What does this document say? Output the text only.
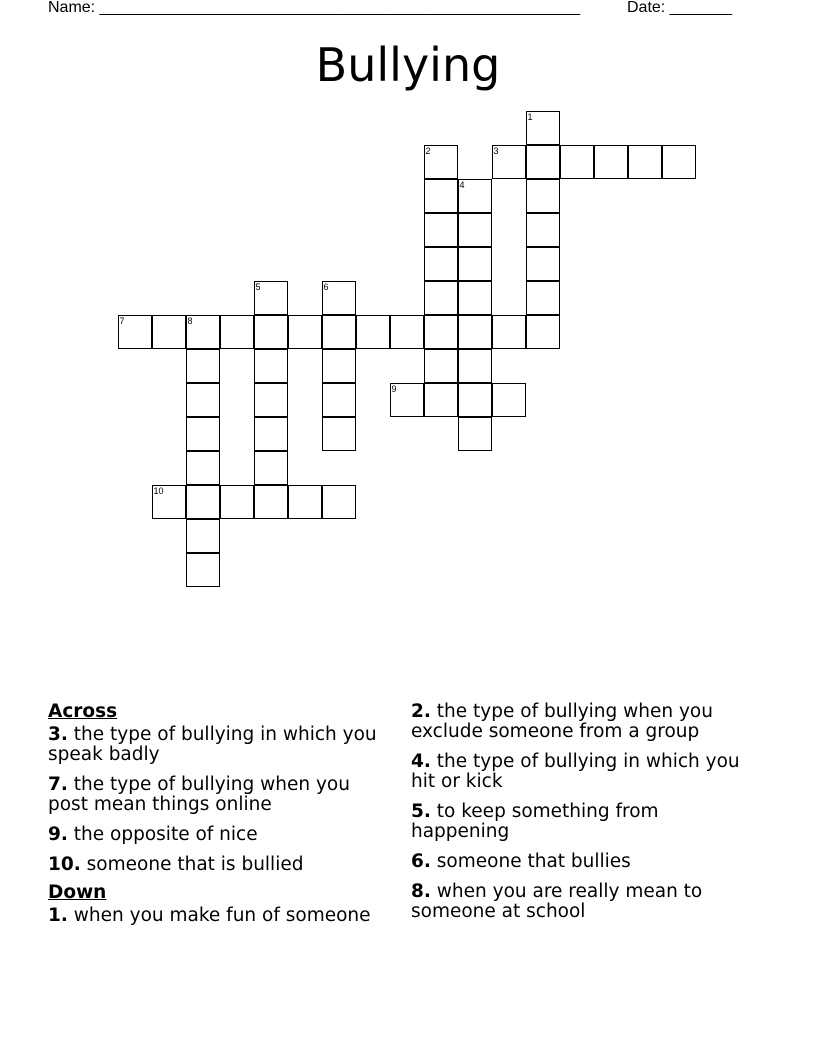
Name: ______________________________________________________	Date: _______
Bullying
1
2	3
4
5	6
7	8
9
10
Across
3. the type of bullying in which you speak badly
7. the type of bullying when you post mean things online
9. the opposite of nice
10. someone that is bullied
Down
1. when you make fun of someone
2. the type of bullying when you exclude someone from a group
4. the type of bullying in which you hit or kick
5. to keep something from happening
6. someone that bullies
8. when you are really mean to someone at school
